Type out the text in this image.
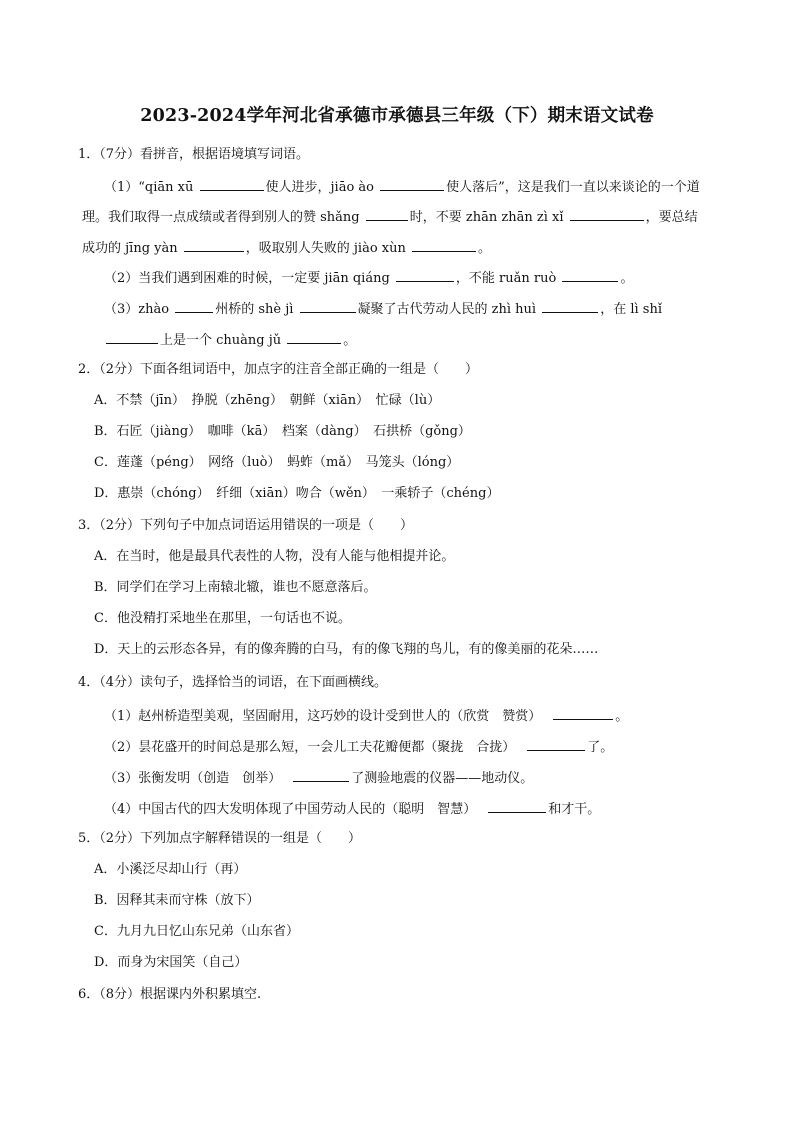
2023-2024学年河北省承德市承德县三年级（下）期末语文试卷
1．（7分）看拼音，根据语境填写词语。
（1）“qiān xū	使人进步，jiāo ào	使人落后”，这是我们一直以来谈论的一个道
理。我们取得一点成绩或者得到别人的赞 shǎng	时，不要 zhān zhān zì xǐ	，要总结
成功的 jīng yàn	，吸取别人失败的 jiào xùn	。
（2）当我们遇到困难的时候，一定要 jiān qiáng	，不能 ruǎn ruò	。
（3）zhào	州桥的 shè jì	凝聚了古代劳动人民的 zhì huì	，在 lì shǐ
上是一个 chuàng jǔ	。
2．（2分）下面各组词语中，加点字的注音全部正确的一组是（　　）
A．不禁（jīn）　挣脱（zhēng）　朝鲜（xiān）　忙碌（lù）
B．石匠（jiàng）　咖啡（kā）　档案（dàng）　石拱桥（gǒng）
C．莲蓬（péng）　网络（luò）　蚂蚱（mǎ）　马笼头（lóng）
D．惠崇（chóng）　纤细（xiān）吻合（wěn）　一乘轿子（chéng）
3．（2分）下列句子中加点词语运用错误的一项是（　　）
A．在当时，他是最具代表性的人物，没有人能与他相提并论。
B．同学们在学习上南辕北辙，谁也不愿意落后。
C．他没精打采地坐在那里，一句话也不说。
D．天上的云形态各异，有的像奔腾的白马，有的像飞翔的鸟儿，有的像美丽的花朵……
4．（4分）读句子，选择恰当的词语，在下面画横线。
（1）赵州桥造型美观，坚固耐用，这巧妙的设计受到世人的（欣赏　赞赏）	。
（2）昙花盛开的时间总是那么短，一会儿工夫花瓣便都（聚拢　合拢）	了。
（3）张衡发明（创造　创举）	了测验地震的仪器——地动仪。
（4）中国古代的四大发明体现了中国劳动人民的（聪明　智慧）	和才干。
5．（2分）下列加点字解释错误的一组是（　　）
A．小溪泛尽却山行（再）
B．因释其耒而守株（放下）
C．九月九日忆山东兄弟（山东省）
D．而身为宋国笑（自己）
6．（8分）根据课内外积累填空.
